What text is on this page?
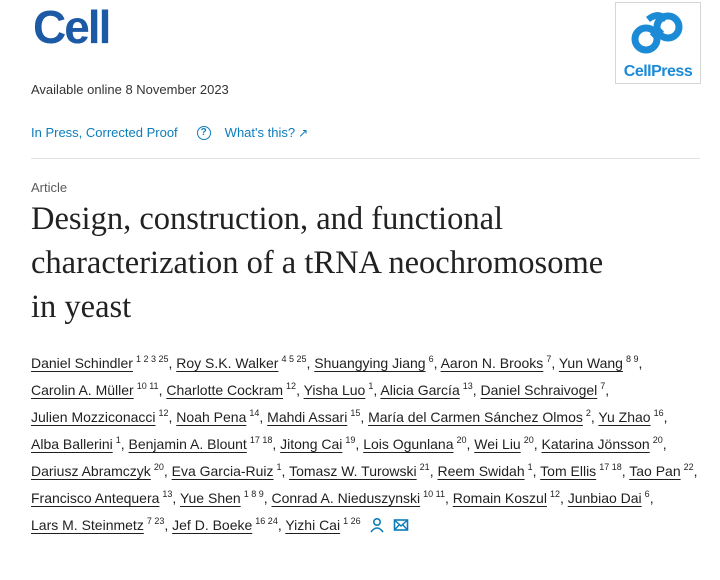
Cell
CellPress
Available online 8 November 2023
In Press, Corrected Proof	?	What's this? ↗
Article
Design, construction, and functional
characterization of a tRNA neochromosome
in yeast
Daniel Schindler $^{1 2 3 25}$, Roy S.K. Walker $^{4 5 25}$, Shuangying Jiang $^6$, Aaron N. Brooks $^7$, Yun Wang $^{8 9}$, Carolin A. Müller $^{10 11}$, Charlotte Cockram $^{12}$, Yisha Luo $^1$, Alicia García $^{13}$, Daniel Schraivogel $^7$, Julien Mozziconacci $^{12}$, Noah Pena $^{14}$, Mahdi Assari $^{15}$, María del Carmen Sánchez Olmos $^2$, Yu Zhao $^{16}$, Alba Ballerini $^1$, Benjamin A. Blount $^{17 18}$, Jitong Cai $^{19}$, Lois Ogunlana $^{20}$, Wei Liu $^{20}$, Katarina Jönsson $^{20}$, Dariusz Abramczyk $^{20}$, Eva Garcia-Ruiz $^1$, Tomasz W. Turowski $^{21}$, Reem Swidah $^1$, Tom Ellis $^{17 18}$, Tao Pan $^{22}$, Francisco Antequera $^{13}$, Yue Shen $^{1 8 9}$, Conrad A. Nieduszynski $^{10 11}$, Romain Koszul $^{12}$, Junbiao Dai $^6$, Lars M. Steinmetz $^{7 23}$, Jef D. Boeke $^{16 24}$, Yizhi Cai $^{1 26}$
